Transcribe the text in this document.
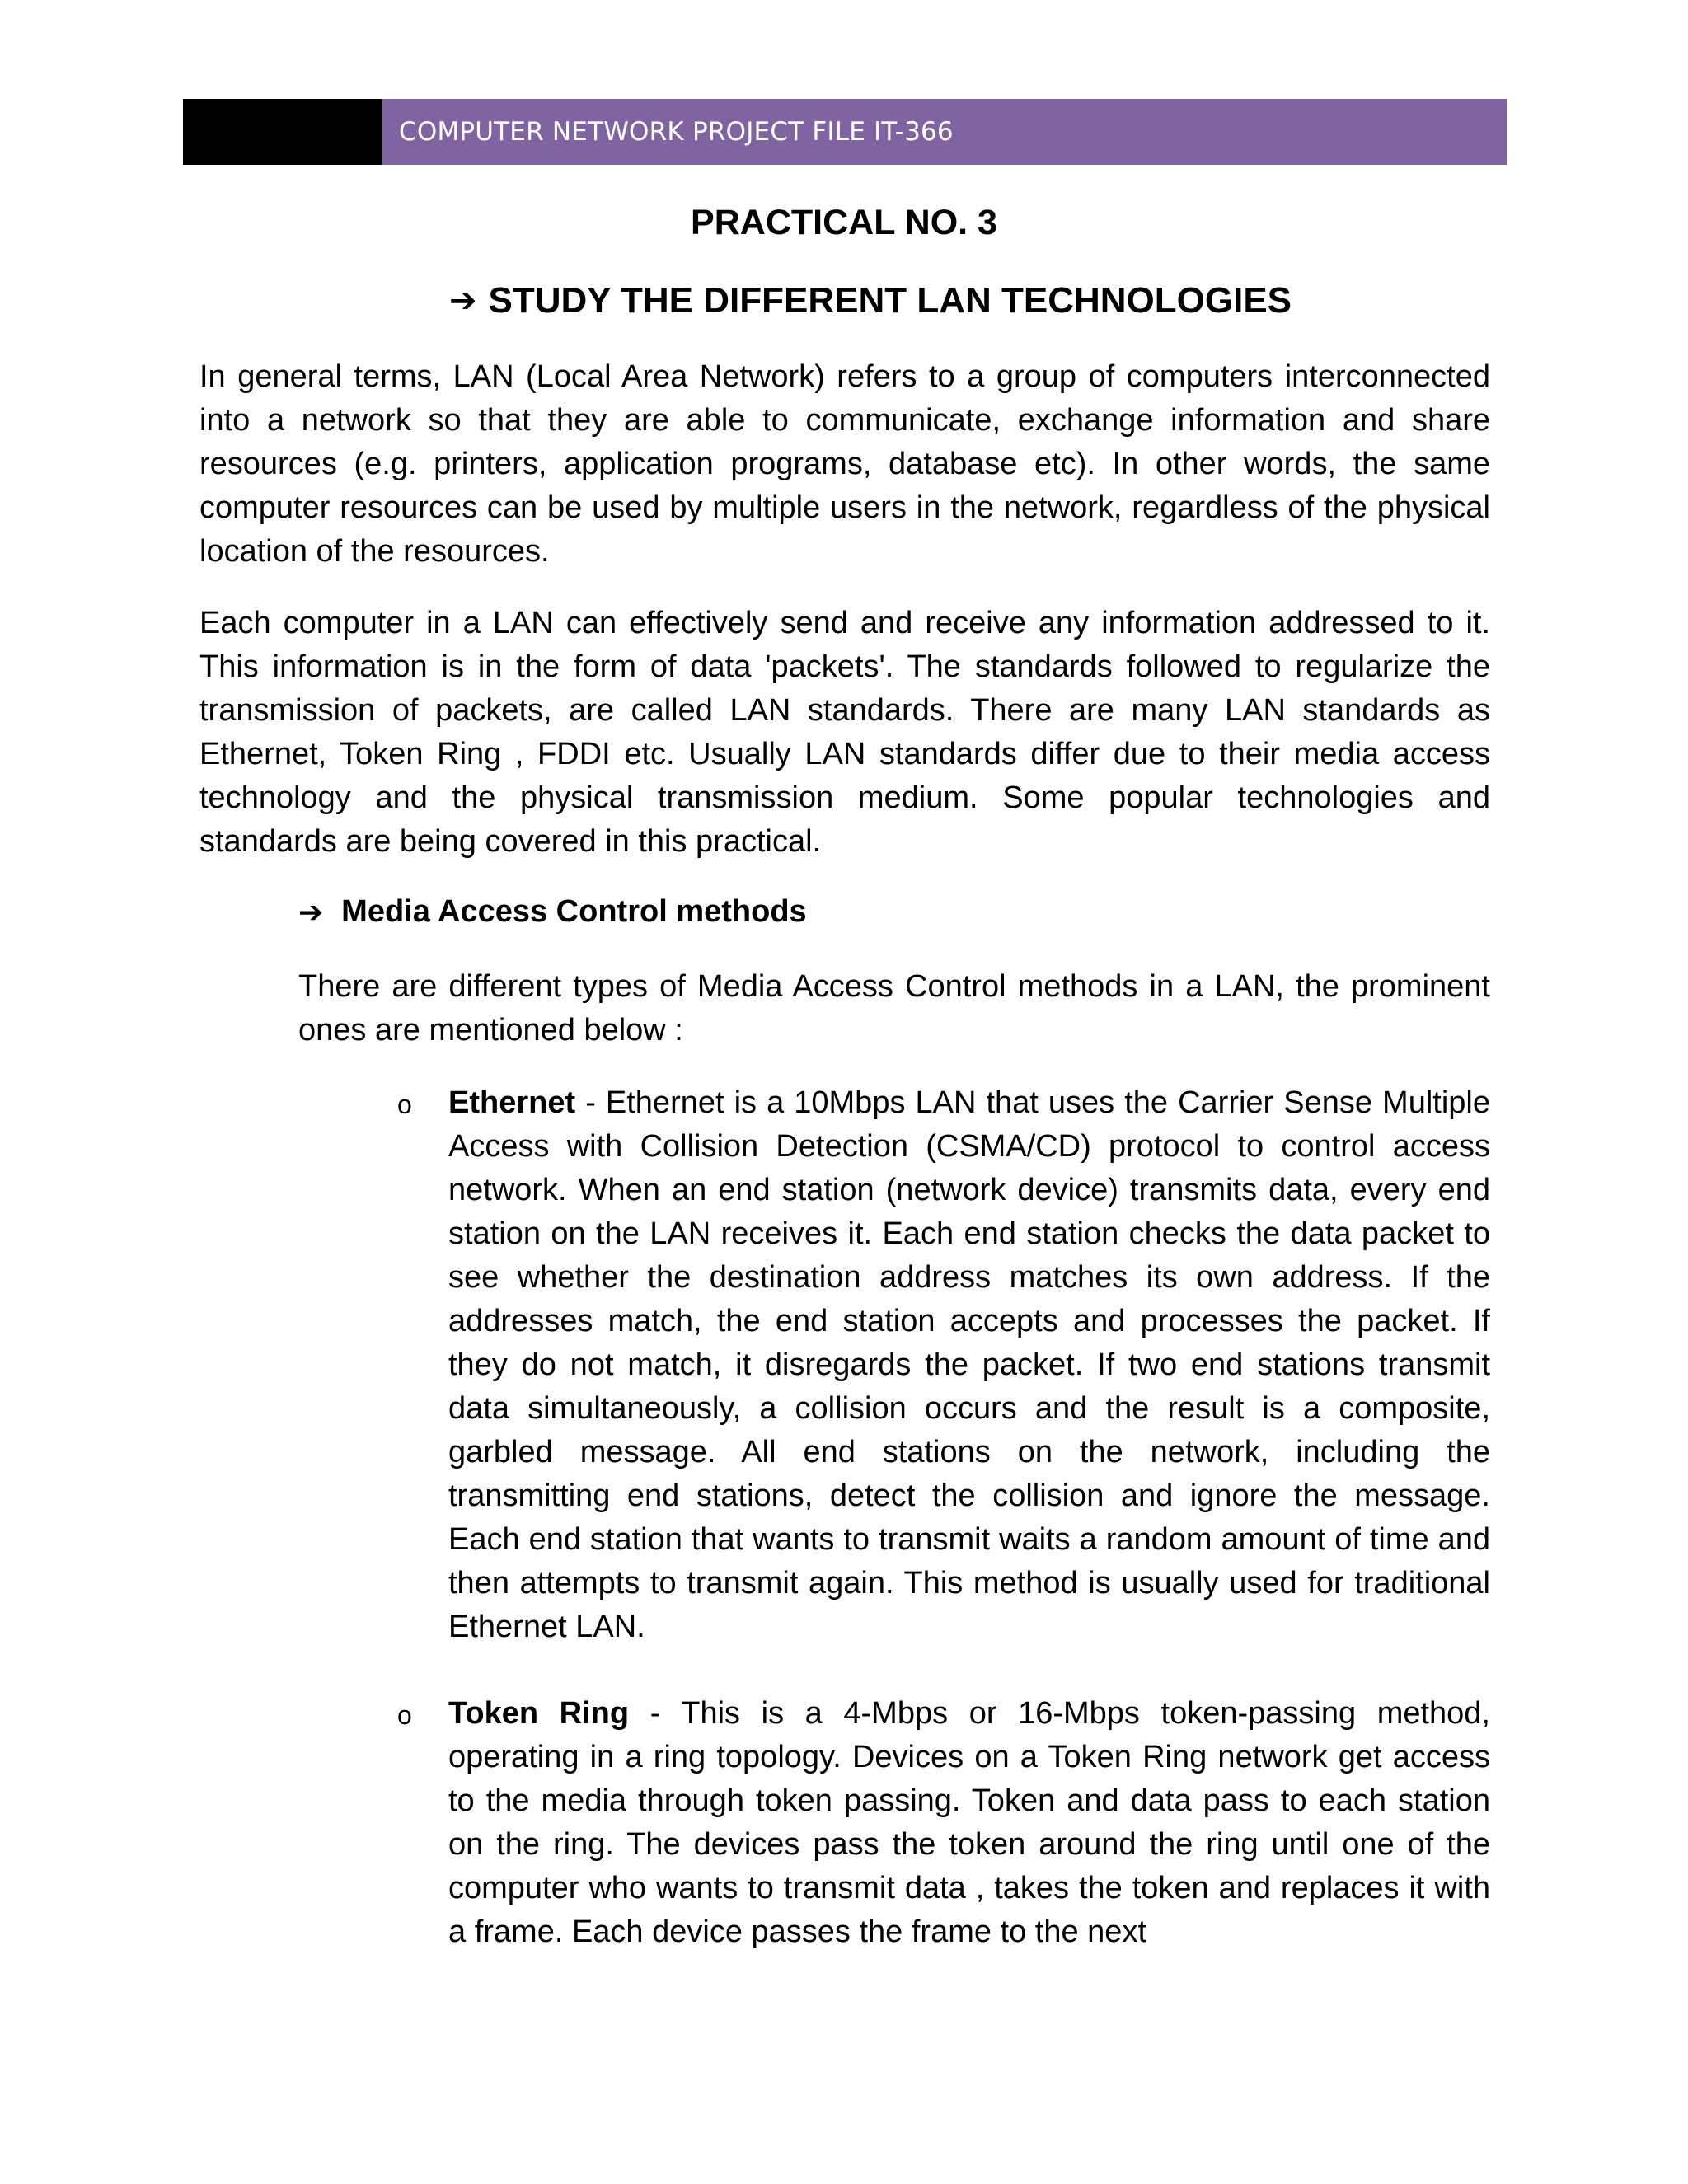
COMPUTER NETWORK PROJECT FILE IT-366
PRACTICAL NO. 3
➔ STUDY THE DIFFERENT LAN TECHNOLOGIES

In general terms, LAN (Local Area Network) refers to a group of computers interconnected into a network so that they are able to communicate, exchange information and share resources (e.g. printers, application programs, database etc). In other words, the same computer resources can be used by multiple users in the network, regardless of the physical location of the resources.

Each computer in a LAN can effectively send and receive any information addressed to it. This information is in the form of data 'packets'. The standards followed to regularize the transmission of packets, are called LAN standards. There are many LAN standards as Ethernet, Token Ring , FDDI etc. Usually LAN standards differ due to their media access technology and the physical transmission medium. Some popular technologies and standards are being covered in this practical.

➔ Media Access Control methods

There are different types of Media Access Control methods in a LAN, the prominent ones are mentioned below :

o	Ethernet - Ethernet is a 10Mbps LAN that uses the Carrier Sense Multiple Access with Collision Detection (CSMA/CD) protocol to control access network. When an end station (network device) transmits data, every end station on the LAN receives it. Each end station checks the data packet to see whether the destination address matches its own address. If the addresses match, the end station accepts and processes the packet. If they do not match, it disregards the packet. If two end stations transmit data simultaneously, a collision occurs and the result is a composite, garbled message. All end stations on the network, including the transmitting end stations, detect the collision and ignore the message. Each end station that wants to transmit waits a random amount of time and then attempts to transmit again. This method is usually used for traditional Ethernet LAN.

o	Token Ring - This is a 4-Mbps or 16-Mbps token-passing method, operating in a ring topology. Devices on a Token Ring network get access to the media through token passing. Token and data pass to each station on the ring. The devices pass the token around the ring until one of the computer who wants to transmit data , takes the token and replaces it with a frame. Each device passes the frame to the next
